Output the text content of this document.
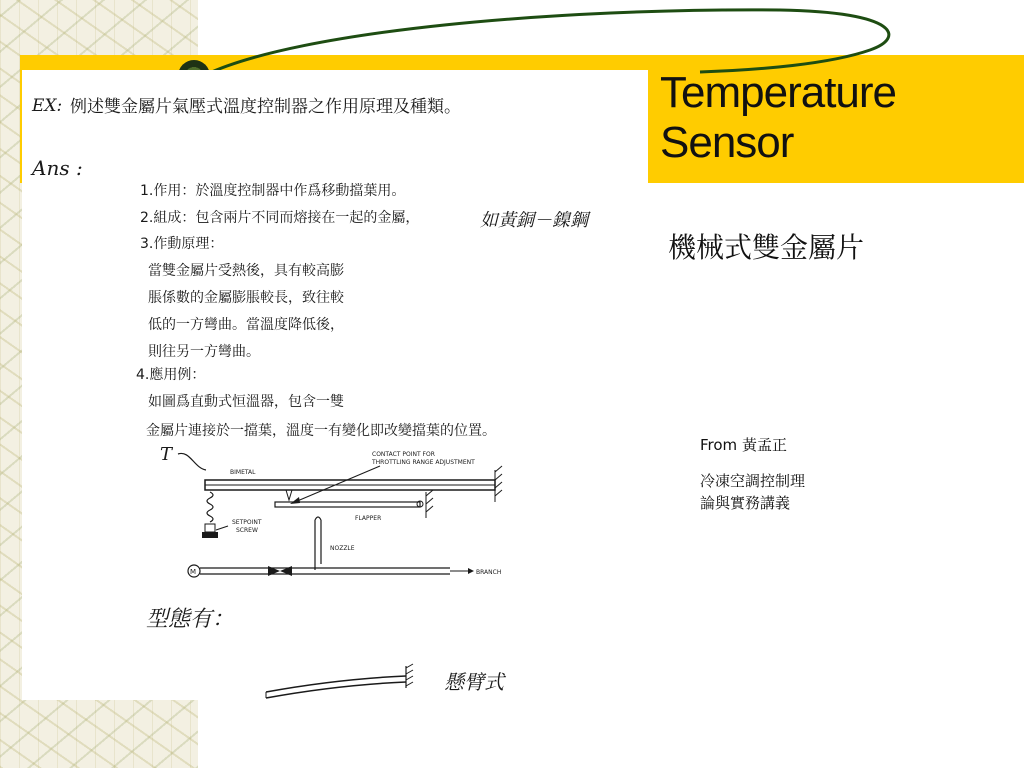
EX: 例述雙金屬片氣壓式溫度控制器之作用原理及種類。
Ans :
1.作用：於溫度控制器中作爲移動擋葉用。
2.組成：包含兩片不同而熔接在一起的金屬，	如黃銅－鎳鋼
3.作動原理：
當雙金屬片受熱後，具有較高膨
脹係數的金屬膨脹較長，致往較
低的一方彎曲。當溫度降低後，
則往另一方彎曲。
4.應用例：
如圖爲直動式恒溫器，包含一雙
金屬片連接於一擋葉，溫度一有變化即改變擋葉的位置。
T
BIMETAL
CONTACT POINT FOR
THROTTLING RANGE ADJUSTMENT
FLAPPER
SETPOINT
SCREW
NOZZLE
M	BRANCH
型態有：
懸臂式
Temperature
Sensor
機械式雙金屬片

From 黃孟正

冷凍空調控制理

論與實務講義
